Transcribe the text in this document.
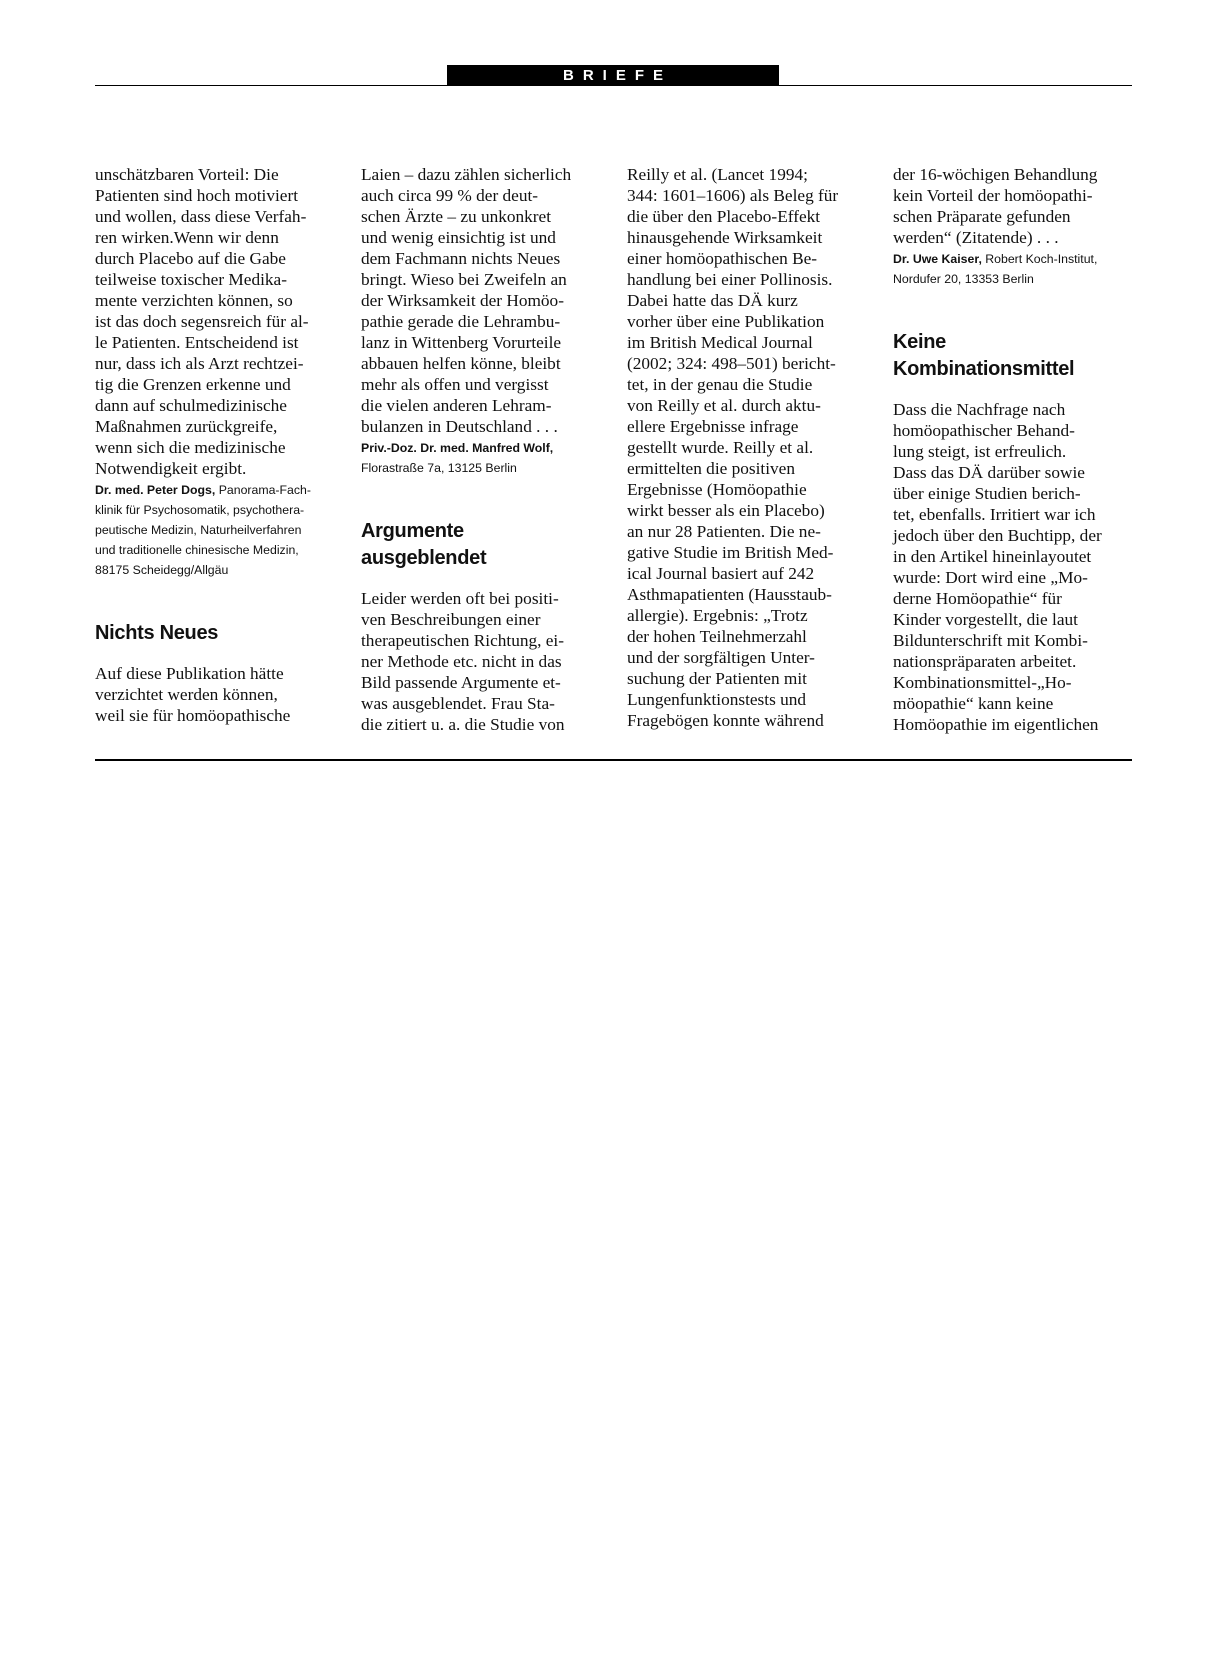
BRIEFE

unschätzbaren Vorteil: Die
Patienten sind hoch motiviert
und wollen, dass diese Verfah-
ren wirken.Wenn wir denn
durch Placebo auf die Gabe
teilweise toxischer Medika-
mente verzichten können, so
ist das doch segensreich für al-
le Patienten. Entscheidend ist
nur, dass ich als Arzt rechtzei-
tig die Grenzen erkenne und
dann auf schulmedizinische
Maßnahmen zurückgreife,
wenn sich die medizinische
Notwendigkeit ergibt.

Dr. med. Peter Dogs, Panorama-Fach-
klinik für Psychosomatik, psychothera-
peutische Medizin, Naturheilverfahren
und traditionelle chinesische Medizin,
88175 Scheidegg/Allgäu

Nichts Neues

Auf diese Publikation hätte
verzichtet werden können,
weil sie für homöopathische

Laien – dazu zählen sicherlich
auch circa 99 % der deut-
schen Ärzte – zu unkonkret
und wenig einsichtig ist und
dem Fachmann nichts Neues
bringt. Wieso bei Zweifeln an
der Wirksamkeit der Homöo-
pathie gerade die Lehrambu-
lanz in Wittenberg Vorurteile
abbauen helfen könne, bleibt
mehr als offen und vergisst
die vielen anderen Lehram-
bulanzen in Deutschland . . .

Priv.-Doz. Dr. med. Manfred Wolf,
Florastraße 7a, 13125 Berlin

Argumente
ausgeblendet

Leider werden oft bei positi-
ven Beschreibungen einer
therapeutischen Richtung, ei-
ner Methode etc. nicht in das
Bild passende Argumente et-
was ausgeblendet. Frau Sta-
die zitiert u. a. die Studie von

Reilly et al. (Lancet 1994;
344: 1601–1606) als Beleg für
die über den Placebo-Effekt
hinausgehende Wirksamkeit
einer homöopathischen Be-
handlung bei einer Pollinosis.
Dabei hatte das DÄ kurz
vorher über eine Publikation
im British Medical Journal
(2002; 324: 498–501) bericht-
tet, in der genau die Studie
von Reilly et al. durch aktu-
ellere Ergebnisse infrage
gestellt wurde. Reilly et al.
ermittelten die positiven
Ergebnisse (Homöopathie
wirkt besser als ein Placebo)
an nur 28 Patienten. Die ne-
gative Studie im British Med-
ical Journal basiert auf 242
Asthmapatienten (Hausstaub-
allergie). Ergebnis: „Trotz
der hohen Teilnehmerzahl
und der sorgfältigen Unter-
suchung der Patienten mit
Lungenfunktionstests und
Fragebögen konnte während

der 16-wöchigen Behandlung
kein Vorteil der homöopathi-
schen Präparate gefunden
werden“ (Zitatende) . . .

Dr. Uwe Kaiser, Robert Koch-Institut,
Nordufer 20, 13353 Berlin

Keine
Kombinationsmittel

Dass die Nachfrage nach
homöopathischer Behand-
lung steigt, ist erfreulich.
Dass das DÄ darüber sowie
über einige Studien berich-
tet, ebenfalls. Irritiert war ich
jedoch über den Buchtipp, der
in den Artikel hineinlayoutet
wurde: Dort wird eine „Mo-
derne Homöopathie“ für
Kinder vorgestellt, die laut
Bildunterschrift mit Kombi-
nationspräparaten arbeitet.
Kombinationsmittel-„Ho-
möopathie“ kann keine
Homöopathie im eigentlichen
